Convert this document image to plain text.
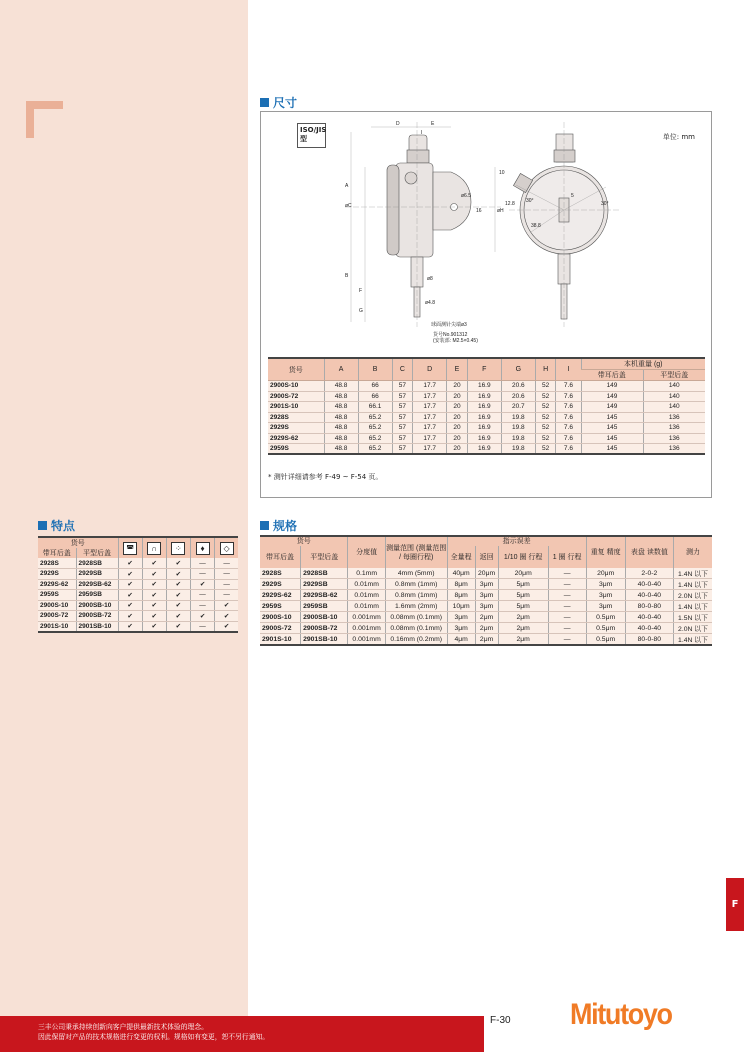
尺寸
ISO/JIS 型	单位: mm
D	E
I
A
øC
B
F
G
øH
ø6.5
16
ø8
ø4.8
球面测针尖端ø3
货号No.901312
(安装部: M2.5×0.45)
5
10
12.8
38.8
30°	30°
货号	A	B	C	D	E	F	G	H	I	本机重量 (g)	
										带耳后盖	平型后盖
2900S-10	48.8	66	57	17.7	20	16.9	20.6	52	7.6	149	140
2900S-72	48.8	66	57	17.7	20	16.9	20.6	52	7.6	149	140
2901S-10	48.8	66.1	57	17.7	20	16.9	20.7	52	7.6	149	140
2928S	48.8	65.2	57	17.7	20	16.9	19.8	52	7.6	145	136
2929S	48.8	65.2	57	17.7	20	16.9	19.8	52	7.6	145	136
2929S-62	48.8	65.2	57	17.7	20	16.9	19.8	52	7.6	145	136
2959S	48.8	65.2	57	17.7	20	16.9	19.8	52	7.6	145	136
* 测针详细请参考 F-49 ~ F-54 页。
特点
货号		◚	∩	⁘	♦	◇
带耳后盖	平型后盖					
2928S	2928SB	✔	✔	✔	—	—
2929S	2929SB	✔	✔	✔	—	—
2929S-62	2929SB-62	✔	✔	✔	✔	—
2959S	2959SB	✔	✔	✔	—	—
2900S-10	2900SB-10	✔	✔	✔	—	✔
2900S-72	2900SB-72	✔	✔	✔	✔	✔
2901S-10	2901SB-10	✔	✔	✔	—	✔
规格
货号		分度值	测量范围 (测量范围 / 每圈行程)	指示误差				重复 精度	表盘 读数值	测力
带耳后盖	平型后盖			全量程	返回	1/10 圈 行程	1 圈 行程			
2928S	2928SB	0.1mm	4mm (5mm)	40μm	20μm	20μm	—	20μm	2-0-2	1.4N 以下
2929S	2929SB	0.01mm	0.8mm (1mm)	8μm	3μm	5μm	—	3μm	40-0-40	1.4N 以下
2929S-62	2929SB-62	0.01mm	0.8mm (1mm)	8μm	3μm	5μm	—	3μm	40-0-40	2.0N 以下
2959S	2959SB	0.01mm	1.6mm (2mm)	10μm	3μm	5μm	—	3μm	80-0-80	1.4N 以下
2900S-10	2900SB-10	0.001mm	0.08mm (0.1mm)	3μm	2μm	2μm	—	0.5μm	40-0-40	1.5N 以下
2900S-72	2900SB-72	0.001mm	0.08mm (0.1mm)	3μm	2μm	2μm	—	0.5μm	40-0-40	2.0N 以下
2901S-10	2901SB-10	0.001mm	0.16mm (0.2mm)	4μm	2μm	2μm	—	0.5μm	80-0-80	1.4N 以下
F
三丰公司秉承持续创新向客户提供最新技术体验的理念。
因此保留对产品的技术规格进行变更的权利。规格如有变更，恕不另行通知。
F-30 Mitutoyo
